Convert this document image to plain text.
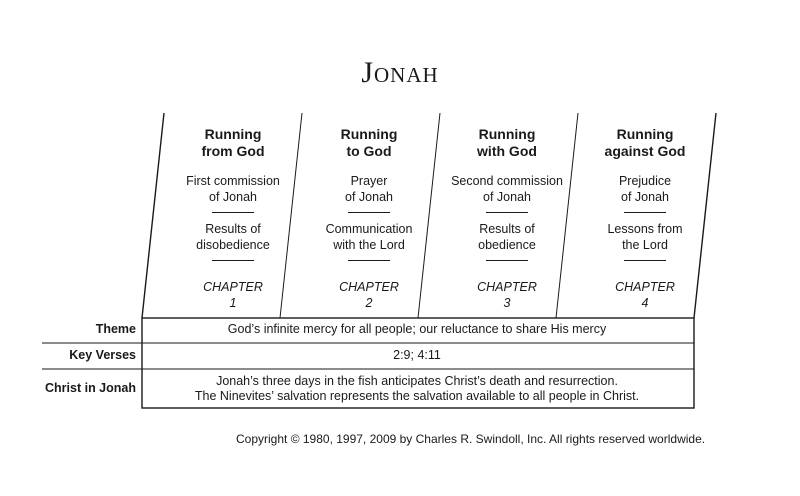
Jonah
Running
from God
First commission
of Jonah
Results of
disobedience
CHAPTER
1
Running
to God
Prayer
of Jonah
Communication
with the Lord
CHAPTER
2
Running
with God
Second commission
of Jonah
Results of
obedience
CHAPTER
3
Running
against God
Prejudice
of Jonah
Lessons from
the Lord
CHAPTER
4
Theme	God’s infinite mercy for all people; our reluctance to share His mercy
Key Verses	2:9; 4:11
Christ in Jonah	Jonah’s three days in the fish anticipates Christ’s death and resurrection.
The Ninevites’ salvation represents the salvation available to all people in Christ.
Copyright © 1980, 1997, 2009 by Charles R. Swindoll, Inc. All rights reserved worldwide.
